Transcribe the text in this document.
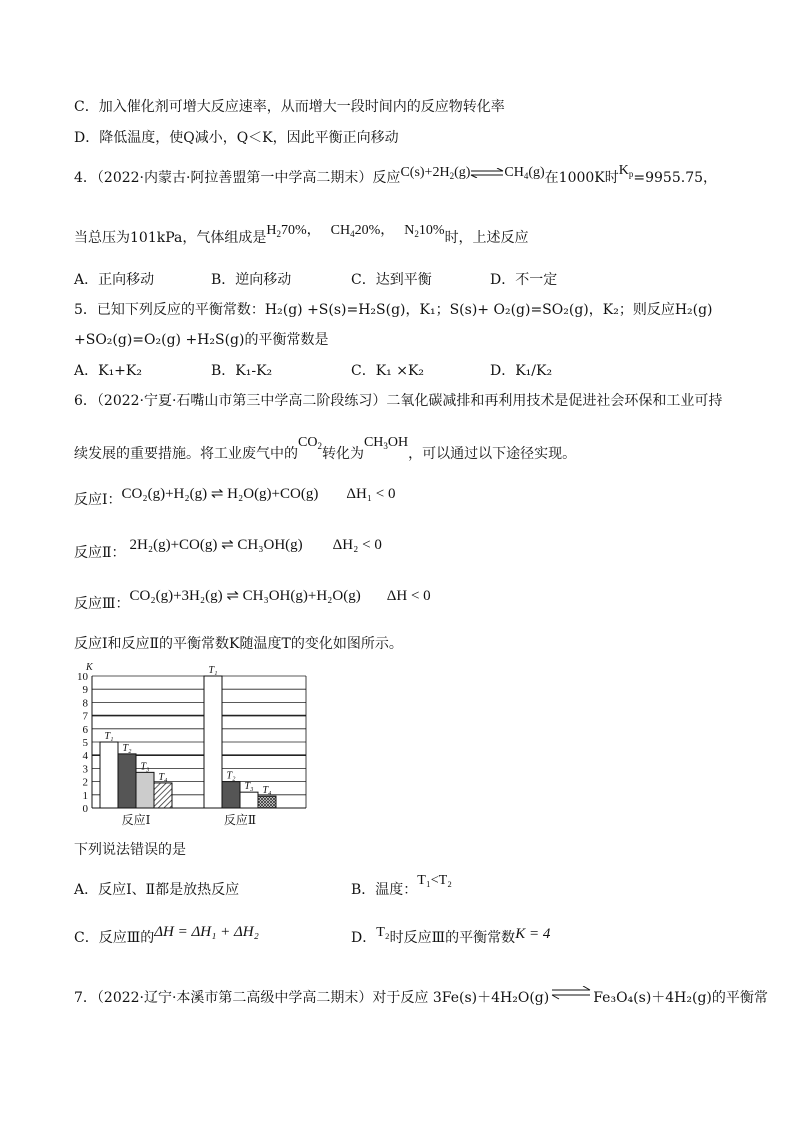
C．加入催化剂可增大反应速率，从而增大一段时间内的反应物转化率
D．降低温度，使Q减小，Q＜K，因此平衡正向移动
4．（2022·内蒙古·阿拉善盟第一中学高二期末）反应$C(s)+2H_2(g)\rightleftharpoons CH_4(g)$在1000K时$K_p=9955.75$，
当总压为101kPa，气体组成是$H_270\%$， $CH_420\%$， $N_210\%$时，上述反应
A．正向移动	B．逆向移动	C．达到平衡	D．不一定
5．已知下列反应的平衡常数：H₂(g) +S(s)=H₂S(g)，K₁；S(s)+ O₂(g)=SO₂(g)，K₂；则反应H₂(g)
+SO₂(g)=O₂(g) +H₂S(g)的平衡常数是
A．K₁+K₂	B．K₁-K₂	C．K₁ ×K₂	D．K₁/K₂
6．（2022·宁夏·石嘴山市第三中学高二阶段练习）二氧化碳减排和再利用技术是促进社会环保和工业可持
续发展的重要措施。将工业废气中的$CO_2$转化为$CH_3OH$，可以通过以下途径实现。
反应Ⅰ：CO₂(g)+H₂(g) ⇌ H₂O(g)+CO(g) ΔH₁ < 0
反应Ⅱ： 2H₂(g)+CO(g) ⇌ CH₃OH(g) ΔH₂ < 0
反应Ⅲ：CO₂(g)+3H₂(g) ⇌ CH₃OH(g)+H₂O(g) ΔH < 0
反应Ⅰ和反应Ⅱ的平衡常数K随温度T的变化如图所示。
0
1
2
3
4
5
6
7
8
9
10
K
T₁
T₂
T₃
T₄
反应Ⅰ
T₁
T₂
T₃ T₄
反应Ⅱ
下列说法错误的是
A．反应Ⅰ、Ⅱ都是放热反应	B．温度：T₁<T₂
C．反应Ⅲ的ΔH = ΔH₁ + ΔH₂	D．T₂时反应Ⅲ的平衡常数K = 4
7．（2022·辽宁·本溪市第二高级中学高二期末）对于反应 3Fe(s)＋4H₂O(g) ⇌ Fe₃O₄(s)＋4H₂(g)的平衡常
